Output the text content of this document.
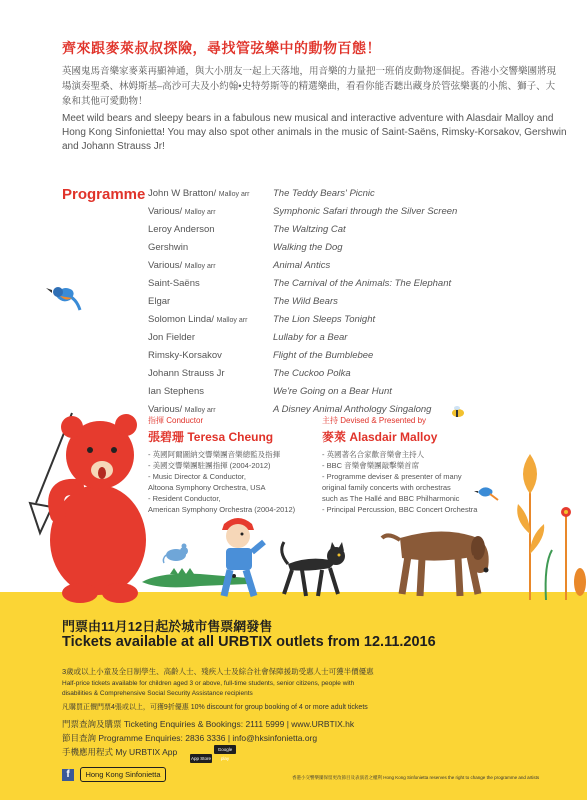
齊來跟麥萊叔叔探險，尋找管弦樂中的動物百態！
英國鬼馬音樂家麥萊再顯神通，與大小朋友一起上天落地，用音樂的力量把一班俏皮動物逐個捉。香港小交響樂團將現場演奏聖桑、林姆斯基–高沙可夫及小約翰•史特勞斯等的精選樂曲，看看你能否聽出藏身於管弦樂裏的小熊、獅子、大象和其他可愛動物！
Meet wild bears and sleepy bears in a fabulous new musical and interactive adventure with Alasdair Malloy and Hong Kong Sinfonietta! You may also spot other animals in the music of Saint-Saëns, Rimsky-Korsakov, Gershwin and Johann Strauss Jr!
Programme John W Bratton/ Malloy arr The Teddy Bears' Picnic
Various/ Malloy arr	Symphonic Safari through the Silver Screen
Leroy Anderson	The Waltzing Cat
Gershwin	Walking the Dog
Various/ Malloy arr	Animal Antics
Saint-Saëns	The Carnival of the Animals: The Elephant
Elgar	The Wild Bears
Solomon Linda/ Malloy arr	The Lion Sleeps Tonight
Jon Fielder	Lullaby for a Bear
Rimsky-Korsakov	Flight of the Bumblebee
Johann Strauss Jr	The Cuckoo Polka
Ian Stephens	We're Going on a Bear Hunt
Various/ Malloy arr	A Disney Animal Anthology Singalong
指揮 Conductor
張碧珊 Teresa Cheung
- 英國阿爾圖納交響樂團音樂總監及指揮
- 美國交響樂團駐團指揮 (2004-2012)
- Music Director & Conductor,
Altoona Symphony Orchestra, USA
- Resident Conductor,
American Symphony Orchestra (2004-2012)
主持 Devised & Presented by
麥萊 Alasdair Malloy
- 英國著名合家歡音樂會主持人
- BBC 音樂會樂團敲擊樂首席
- Programme deviser & presenter of many
original family concerts with orchestras
such as The Hallé and BBC Philharmonic
- Principal Percussion, BBC Concert Orchestra
門票由11月12日起於城市售票網發售
Tickets available at all URBTIX outlets from 12.11.2016
3歲或以上小童及全日制學生、高齡人士、殘疾人士及綜合社會保障援助受惠人士可獲半價優惠
Half-price tickets available for children aged 3 or above, full-time students, senior citizens, people with disabilities & Comprehensive Social Security Assistance recipients
凡購買正價門票4張或以上，可獲9折優惠 10% discount for group booking of 4 or more adult tickets
門票查詢及購票 Ticketing Enquiries & Bookings: 2111 5999 | www.URBTIX.hk
節目查詢 Programme Enquiries: 2836 3336 | info@hksinfonietta.org
手機應用程式 My URBTIX App
App StoreGoogle play
f	Hong Kong Sinfonietta	香港小交響樂團保留更改節目及表演者之權利 Hong Kong Sinfonietta reserves the right to change the programme and artists
